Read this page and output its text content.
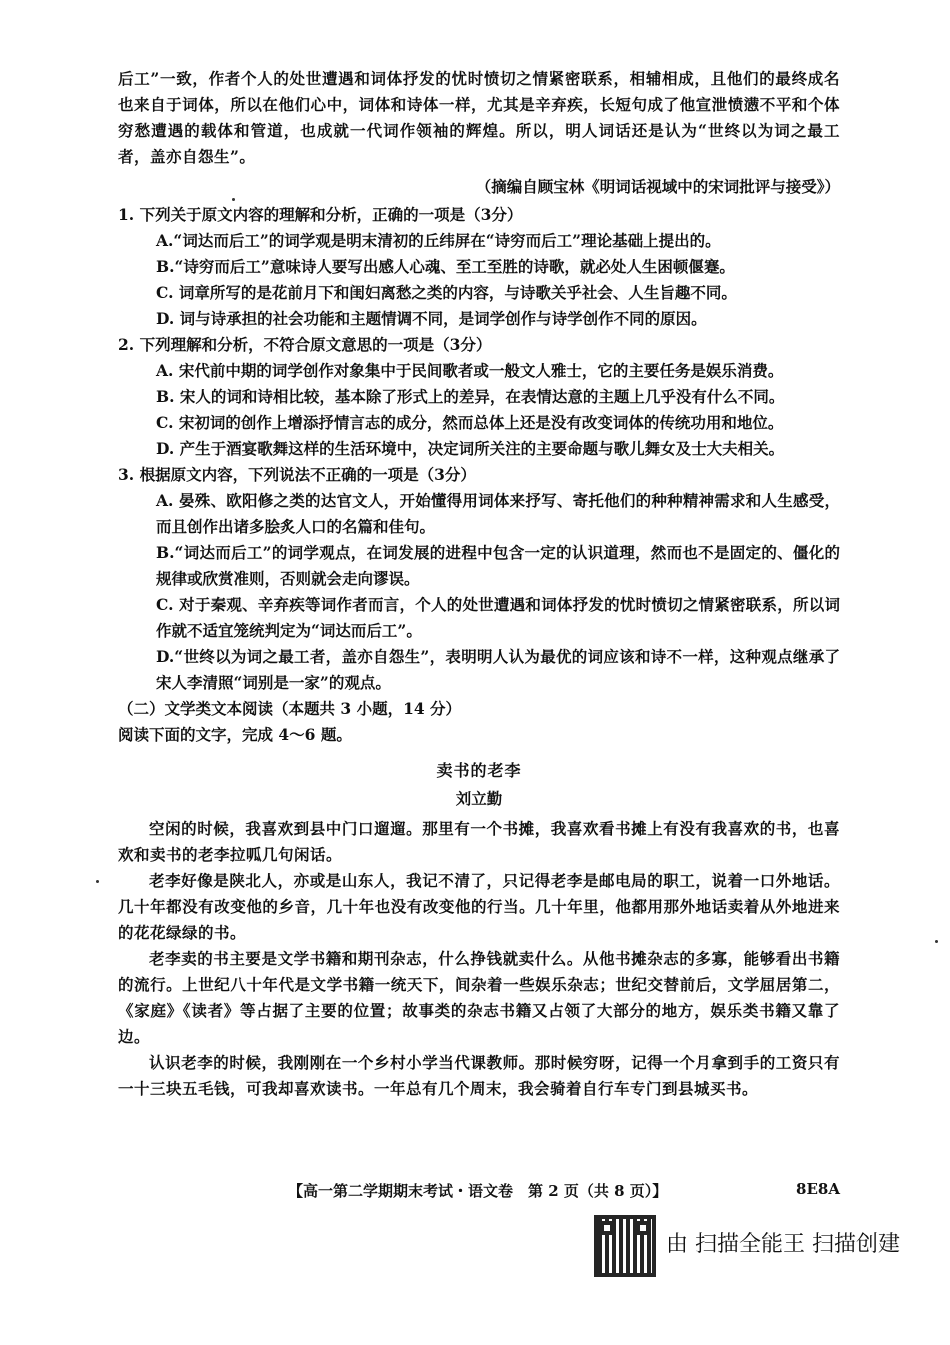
后工”一致，作者个人的处世遭遇和词体抒发的忧时愤切之情紧密联系，相辅相成，且他们的最终成名也来自于词体，所以在他们心中，词体和诗体一样，尤其是辛弃疾，长短句成了他宣泄愤懑不平和个体穷愁遭遇的载体和管道，也成就一代词作领袖的辉煌。所以，明人词话还是认为“世终以为词之最工者，盖亦自怨生”。

（摘编自顾宝林《明词话视域中的宋词批评与接受》）

1. 下列关于原文内容的理解和分析，正确的一项是（3分）

A.“词达而后工”的词学观是明末清初的丘纬屏在“诗穷而后工”理论基础上提出的。

B.“诗穷而后工”意味诗人要写出感人心魂、至工至胜的诗歌，就必处人生困顿偃蹇。

C. 词章所写的是花前月下和闺妇离愁之类的内容，与诗歌关乎社会、人生旨趣不同。

D. 词与诗承担的社会功能和主题情调不同，是词学创作与诗学创作不同的原因。

2. 下列理解和分析，不符合原文意思的一项是（3分）

A. 宋代前中期的词学创作对象集中于民间歌者或一般文人雅士，它的主要任务是娱乐消费。

B. 宋人的词和诗相比较，基本除了形式上的差异，在表情达意的主题上几乎没有什么不同。

C. 宋初词的创作上增添抒情言志的成分，然而总体上还是没有改变词体的传统功用和地位。

D. 产生于酒宴歌舞这样的生活环境中，决定词所关注的主要命题与歌儿舞女及士大夫相关。

3. 根据原文内容，下列说法不正确的一项是（3分）

A. 晏殊、欧阳修之类的达官文人，开始懂得用词体来抒写、寄托他们的种种精神需求和人生感受，而且创作出诸多脍炙人口的名篇和佳句。

B.“词达而后工”的词学观点，在词发展的进程中包含一定的认识道理，然而也不是固定的、僵化的规律或欣赏准则，否则就会走向谬误。

C. 对于秦观、辛弃疾等词作者而言，个人的处世遭遇和词体抒发的忧时愤切之情紧密联系，所以词作就不适宜笼统判定为“词达而后工”。

D.“世终以为词之最工者，盖亦自怨生”，表明明人认为最优的词应该和诗不一样，这种观点继承了宋人李清照“词别是一家”的观点。

（二）文学类文本阅读（本题共 3 小题，14 分）

阅读下面的文字，完成 4～6 题。

卖书的老李

刘立勤

空闲的时候，我喜欢到县中门口遛遛。那里有一个书摊，我喜欢看书摊上有没有我喜欢的书，也喜欢和卖书的老李拉呱几句闲话。

老李好像是陕北人，亦或是山东人，我记不清了，只记得老李是邮电局的职工，说着一口外地话。几十年都没有改变他的乡音，几十年也没有改变他的行当。几十年里，他都用那外地话卖着从外地进来的花花绿绿的书。

老李卖的书主要是文学书籍和期刊杂志，什么挣钱就卖什么。从他书摊杂志的多寡，能够看出书籍的流行。上世纪八十年代是文学书籍一统天下，间杂着一些娱乐杂志；世纪交替前后，文学屈居第二，《家庭》《读者》等占据了主要的位置；故事类的杂志书籍又占领了大部分的地方，娱乐类书籍又靠了边。

认识老李的时候，我刚刚在一个乡村小学当代课教师。那时候穷呀，记得一个月拿到手的工资只有一十三块五毛钱，可我却喜欢读书。一年总有几个周末，我会骑着自行车专门到县城买书。

【高一第二学期期末考试・语文卷　第 2 页（共 8 页）】	8E8A
由 扫描全能王 扫描创建
